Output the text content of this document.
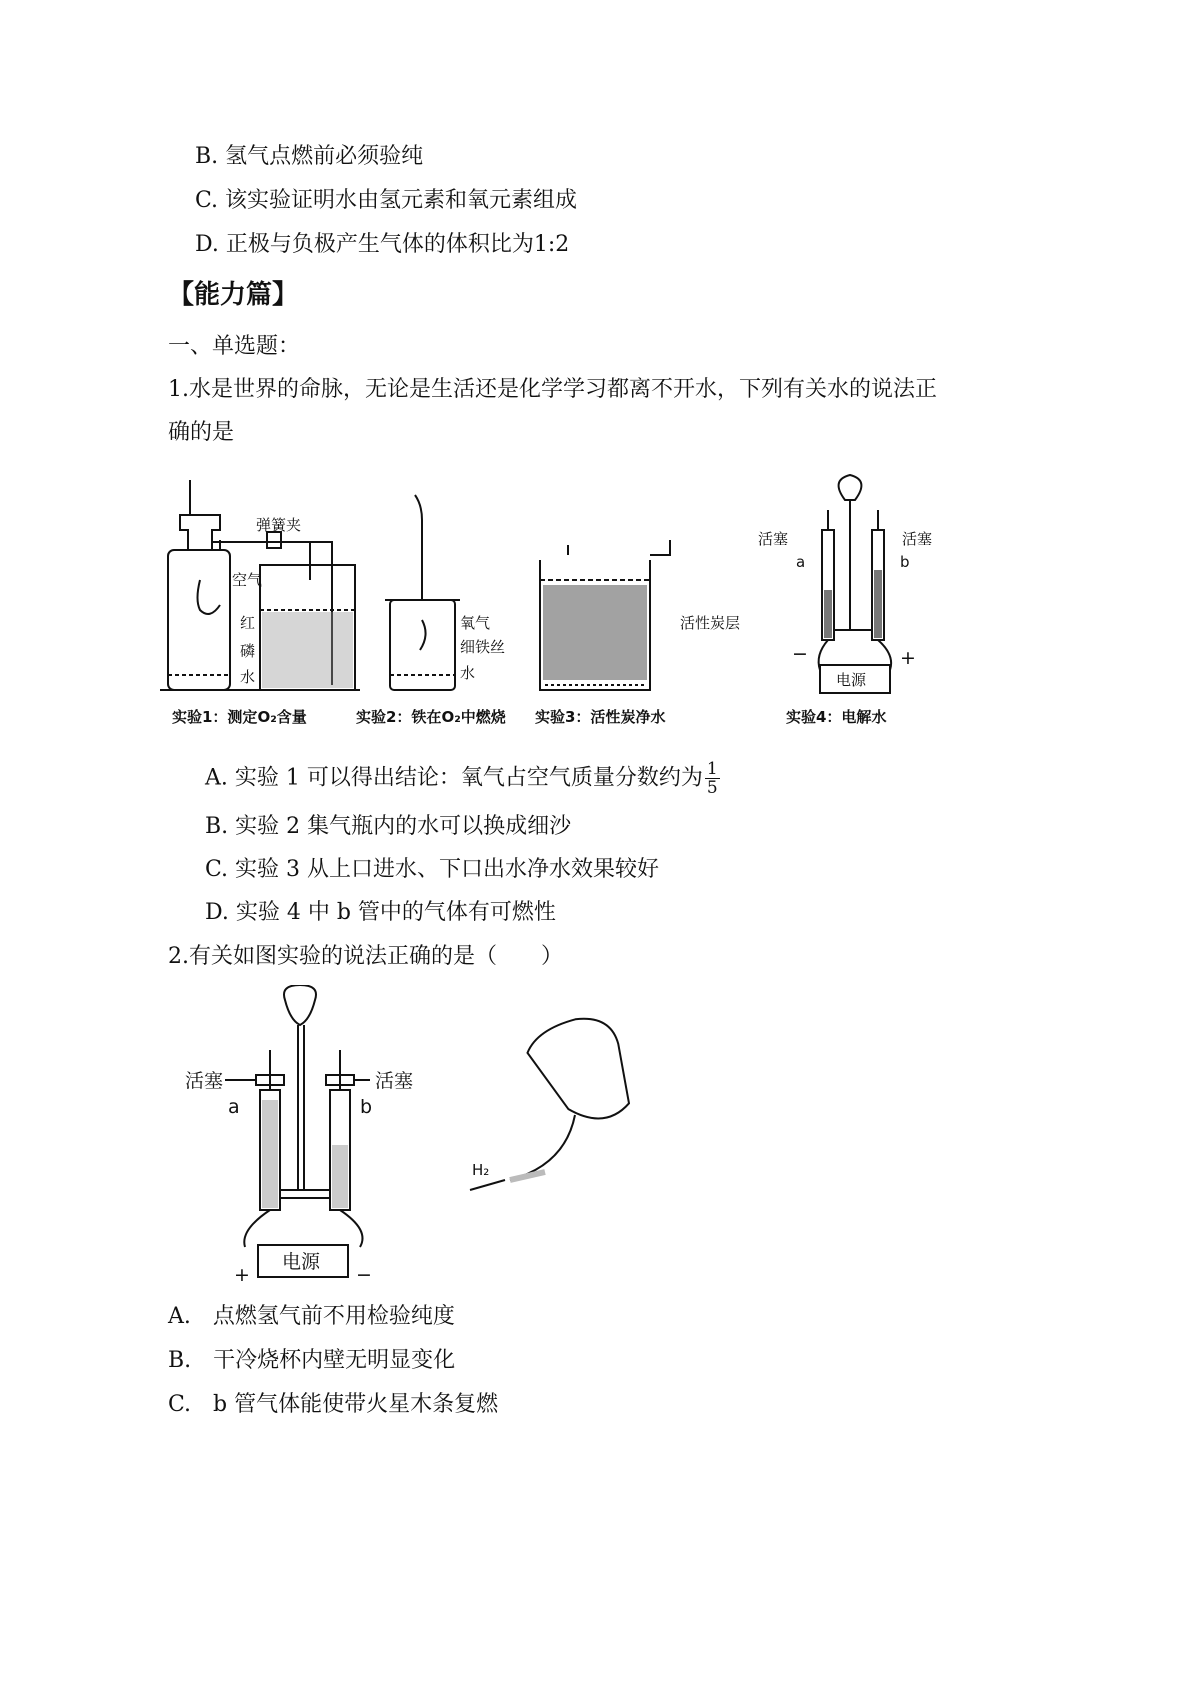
B. 氢气点燃前必须验纯
C. 该实验证明水由氢元素和氧元素组成
D. 正极与负极产生气体的体积比为1:2
【能力篇】
一、单选题：
1.水是世界的命脉，无论是生活还是化学学习都离不开水，下列有关水的说法正
确的是
弹簧夹
空气
红
磷
水
实验1：测定O₂含量
氧气
细铁丝
水
实验2：铁在O₂中燃烧
活性炭层
实验3：活性炭净水
活塞	活塞
a	b
−	+
电源
实验4：电解水
A. 实验 1 可以得出结论：氧气占空气质量分数约为 $\frac{1}{5}$
B. 实验 2 集气瓶内的水可以换成细沙
C. 实验 3 从上口进水、下口出水净水效果较好
D. 实验 4 中 b 管中的气体有可燃性
2.有关如图实验的说法正确的是（　　）
活塞	活塞
a	b
电源
+	−
H₂
A.　点燃氢气前不用检验纯度
B.　干冷烧杯内壁无明显变化
C.　b 管气体能使带火星木条复燃
